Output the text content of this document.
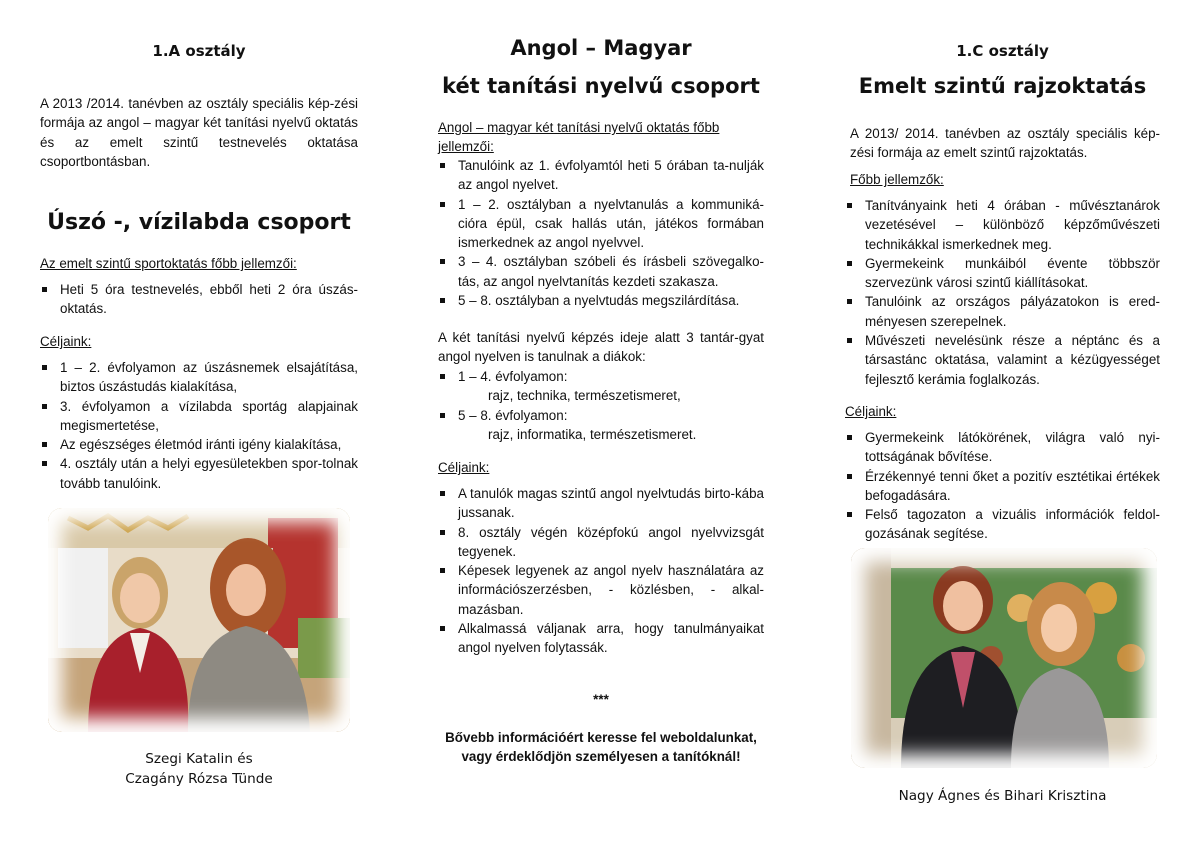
1.A osztály
A 2013 /2014. tanévben az osztály speciális kép-zési formája az angol – magyar két tanítási nyelvű oktatás és az emelt szintű testnevelés oktatása csoportbontásban.
Úszó -, vízilabda csoport
Az emelt szintű sportoktatás főbb jellemzői:
Heti 5 óra testnevelés, ebből heti 2 óra úszás-oktatás.
Céljaink:
1 – 2. évfolyamon az úszásnemek elsajátítása, biztos úszástudás kialakítása,
3. évfolyamon a vízilabda sportág alapjainak megismertetése,
Az egészséges életmód iránti igény kialakítása,
4. osztály után a helyi egyesületekben spor-tolnak tovább tanulóink.
Szegi Katalin és
Czagány Rózsa Tünde
Angol – Magyar
két tanítási nyelvű csoport
Angol – magyar két tanítási nyelvű oktatás főbb jellemzői:
Tanulóink az 1. évfolyamtól heti 5 órában ta-nulják az angol nyelvet.
1 – 2. osztályban a nyelvtanulás a kommuniká-cióra épül, csak hallás után, játékos formában ismerkednek az angol nyelvvel.
3 – 4. osztályban szóbeli és írásbeli szövegalko-tás, az angol nyelvtanítás kezdeti szakasza.
5 – 8. osztályban a nyelvtudás megszilárdítása.
A két tanítási nyelvű képzés ideje alatt 3 tantár-gyat angol nyelven is tanulnak a diákok:
1 – 4. évfolyamon:
rajz, technika, természetismeret,
5 – 8. évfolyamon:
rajz, informatika, természetismeret.
Céljaink:
A tanulók magas szintű angol nyelvtudás birto-kába jussanak.
8. osztály végén középfokú angol nyelvvizsgát tegyenek.
Képesek legyenek az angol nyelv használatára az információszerzésben, - közlésben, - alkal-mazásban.
Alkalmassá váljanak arra, hogy tanulmányaikat angol nyelven folytassák.
***
Bővebb információért keresse fel weboldalunkat,
vagy érdeklődjön személyesen a tanítóknál!
1.C osztály
Emelt szintű rajzoktatás
A 2013/ 2014. tanévben az osztály speciális kép-zési formája az emelt szintű rajzoktatás.
Főbb jellemzők:
Tanítványaink heti 4 órában - művésztanárok vezetésével – különböző képzőművészeti technikákkal ismerkednek meg.
Gyermekeink munkáiból évente többször szervezünk városi szintű kiállításokat.
Tanulóink az országos pályázatokon is ered-ményesen szerepelnek.
Művészeti nevelésünk része a néptánc és a társastánc oktatása, valamint a kézügyességet fejlesztő kerámia foglalkozás.
Céljaink:
Gyermekeink látókörének, világra való nyi-tottságának bővítése.
Érzékennyé tenni őket a pozitív esztétikai értékek befogadására.
Felső tagozaton a vizuális információk feldol-gozásának segítése.
Nagy Ágnes és Bihari Krisztina
